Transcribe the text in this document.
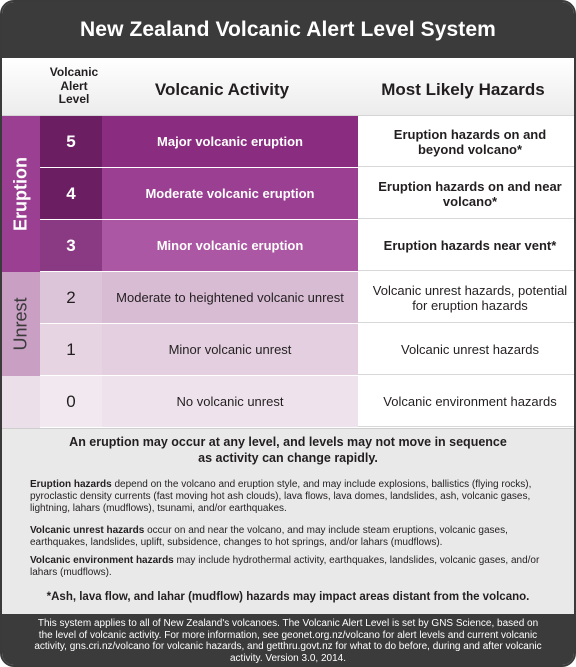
New Zealand Volcanic Alert Level System
Volcanic
Alert
Level	Volcanic Activity	Most Likely Hazards
Eruption
Unrest
5	Major volcanic eruption	Eruption hazards on and beyond volcano*
4	Moderate volcanic eruption	Eruption hazards on and near volcano*
3	Minor volcanic eruption	Eruption hazards near vent*
2	Moderate to heightened volcanic unrest	Volcanic unrest hazards, potential for eruption hazards
1	Minor volcanic unrest	Volcanic unrest hazards
0	No volcanic unrest	Volcanic environment hazards
An eruption may occur at any level, and levels may not move in sequence as activity can change rapidly.
Eruption hazards depend on the volcano and eruption style, and may include explosions, ballistics (flying rocks), pyroclastic density currents (fast moving hot ash clouds), lava flows, lava domes, landslides, ash, volcanic gases, lightning, lahars (mudflows), tsunami, and/or earthquakes.
Volcanic unrest hazards occur on and near the volcano, and may include steam eruptions, volcanic gases, earthquakes, landslides, uplift, subsidence, changes to hot springs, and/or lahars (mudflows).
Volcanic environment hazards may include hydrothermal activity, earthquakes, landslides, volcanic gases, and/or lahars (mudflows).
*Ash, lava flow, and lahar (mudflow) hazards may impact areas distant from the volcano.
This system applies to all of New Zealand's volcanoes. The Volcanic Alert Level is set by GNS Science, based on the level of volcanic activity. For more information, see geonet.org.nz/volcano for alert levels and current volcanic activity, gns.cri.nz/volcano for volcanic hazards, and getthru.govt.nz for what to do before, during and after volcanic activity. Version 3.0, 2014.
